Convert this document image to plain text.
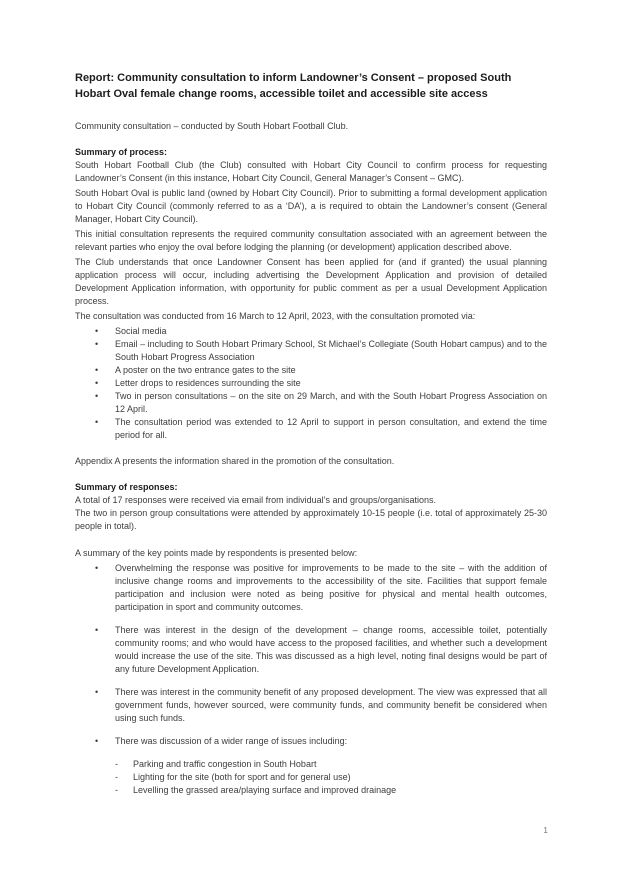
Report: Community consultation to inform Landowner’s Consent – proposed South Hobart Oval female change rooms, accessible toilet and accessible site access

Community consultation – conducted by South Hobart Football Club.

Summary of process:

South Hobart Football Club (the Club) consulted with Hobart City Council to confirm process for requesting Landowner’s Consent (in this instance, Hobart City Council, General Manager’s Consent – GMC).

South Hobart Oval is public land (owned by Hobart City Council). Prior to submitting a formal development application to Hobart City Council (commonly referred to as a ‘DA’), a is required to obtain the Landowner’s consent (General Manager, Hobart City Council).

This initial consultation represents the required community consultation associated with an agreement between the relevant parties who enjoy the oval before lodging the planning (or development) application described above.

The Club understands that once Landowner Consent has been applied for (and if granted) the usual planning application process will occur, including advertising the Development Application and provision of detailed Development Application information, with opportunity for public comment as per a usual Development Application process.

The consultation was conducted from 16 March to 12 April, 2023, with the consultation promoted via:

•	Social media
•	Email – including to South Hobart Primary School, St Michael’s Collegiate (South Hobart campus) and to the South Hobart Progress Association
•	A poster on the two entrance gates to the site
•	Letter drops to residences surrounding the site
•	Two in person consultations – on the site on 29 March, and with the South Hobart Progress Association on 12 April.
•	The consultation period was extended to 12 April to support in person consultation, and extend the time period for all.

Appendix A presents the information shared in the promotion of the consultation.

Summary of responses:

A total of 17 responses were received via email from individual’s and groups/organisations.

The two in person group consultations were attended by approximately 10-15 people (i.e. total of approximately 25-30 people in total).

A summary of the key points made by respondents is presented below:

•	Overwhelming the response was positive for improvements to be made to the site – with the addition of inclusive change rooms and improvements to the accessibility of the site. Facilities that support female participation and inclusion were noted as being positive for physical and mental health outcomes, participation in sport and community outcomes.
•	There was interest in the design of the development – change rooms, accessible toilet, potentially community rooms; and who would have access to the proposed facilities, and whether such a development would increase the use of the site. This was discussed as a high level, noting final designs would be part of any future Development Application.
•	There was interest in the community benefit of any proposed development. The view was expressed that all government funds, however sourced, were community funds, and community benefit be considered when using such funds.
•	There was discussion of a wider range of issues including:
-	Parking and traffic congestion in South Hobart
-	Lighting for the site (both for sport and for general use)
-	Levelling the grassed area/playing surface and improved drainage
1
